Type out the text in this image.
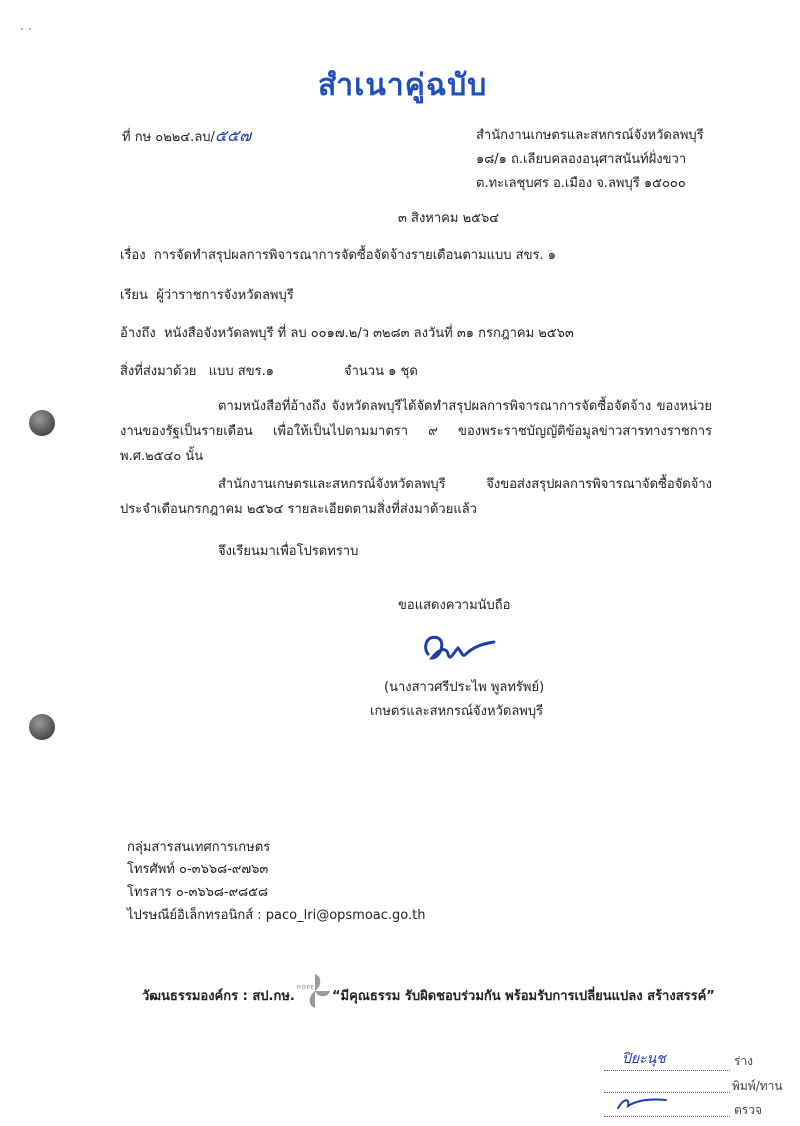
` ˋ
สำเนาคู่ฉบับ
ที่ กษ ๐๒๒๔.ลบ/๕๕๗	สำนักงานเกษตรและสหกรณ์จังหวัดลพบุรี
๑๘/๑ ถ.เลียบคลองอนุศาสนันท์ฝั่งขวา
ต.ทะเลชุบศร อ.เมือง จ.ลพบุรี ๑๕๐๐๐
๓ สิงหาคม ๒๕๖๔
เรื่อง การจัดทำสรุปผลการพิจารณาการจัดซื้อจัดจ้างรายเดือนตามแบบ สขร. ๑
เรียน ผู้ว่าราชการจังหวัดลพบุรี
อ้างถึง หนังสือจังหวัดลพบุรี ที่ ลบ ๐๐๑๗.๒/ว ๓๒๘๓ ลงวันที่ ๓๑ กรกฎาคม ๒๕๖๓
สิ่งที่ส่งมาด้วย แบบ สขร.๑	จำนวน ๑ ชุด
ตามหนังสือที่อ้างถึง จังหวัดลพบุรีได้จัดทำสรุปผลการพิจารณาการจัดซื้อจัดจ้าง ของหน่วยงานของรัฐเป็นรายเดือน เพื่อให้เป็นไปตามมาตรา ๙ ของพระราชบัญญัติข้อมูลข่าวสารทางราชการ พ.ศ.๒๕๔๐ นั้น
สำนักงานเกษตรและสหกรณ์จังหวัดลพบุรี จึงขอส่งสรุปผลการพิจารณาจัดซื้อจัดจ้างประจำเดือนกรกฎาคม ๒๕๖๔ รายละเอียดตามสิ่งที่ส่งมาด้วยแล้ว
จึงเรียนมาเพื่อโปรดทราบ
ขอแสดงความนับถือ
(นางสาวศรีประไพ พูลทรัพย์)
เกษตรและสหกรณ์จังหวัดลพบุรี
กลุ่มสารสนเทศการเกษตร
โทรศัพท์ ๐-๓๖๖๘-๙๗๖๓
โทรสาร ๐-๓๖๖๘-๙๘๕๘
ไปรษณีย์อิเล็กทรอนิกส์ : paco_lri@opsmoac.go.th
วัฒนธรรมองค์กร : สป.กษ.
HOPE
“มีคุณธรรม รับผิดชอบร่วมกัน พร้อมรับการเปลี่ยนแปลง สร้างสรรค์”
ปิยะนุช	ร่าง
พิมพ์/ทาน
ตรวจ
